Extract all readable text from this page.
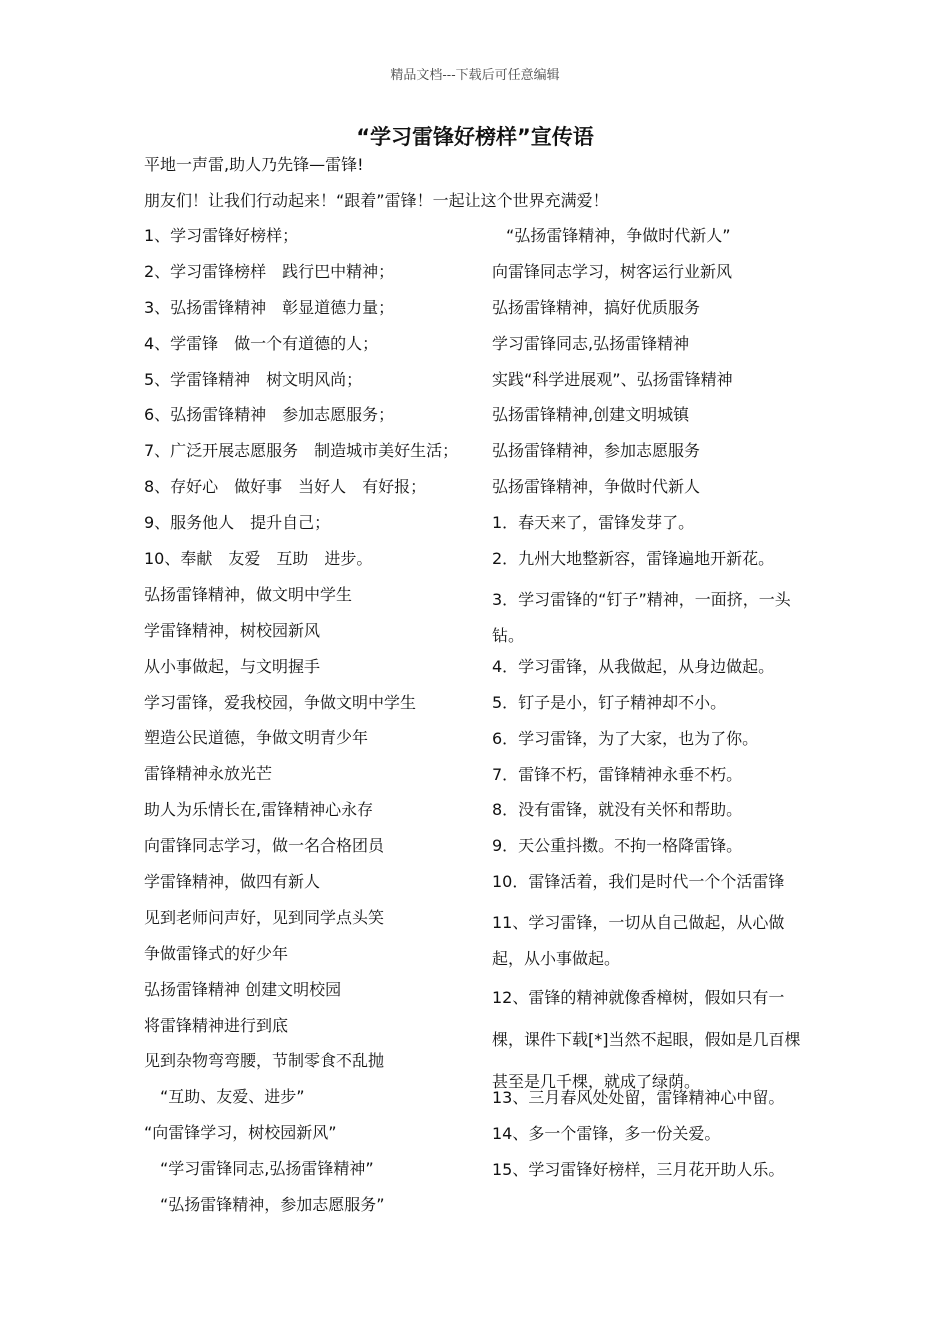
精品文档---下载后可任意编辑
“学习雷锋好榜样”宣传语
平地一声雷,助人乃先锋—雷锋!
朋友们！让我们行动起来！“跟着”雷锋！一起让这个世界充满爱！
1、学习雷锋好榜样；
2、学习雷锋榜样　践行巴中精神；
3、弘扬雷锋精神　彰显道德力量；
4、学雷锋　做一个有道德的人；
5、学雷锋精神　树文明风尚；
6、弘扬雷锋精神　参加志愿服务；
7、广泛开展志愿服务　制造城市美好生活；
8、存好心　做好事　当好人　有好报；
9、服务他人　提升自己；
10、奉献　友爱　互助　进步。
弘扬雷锋精神，做文明中学生
学雷锋精神，树校园新风
从小事做起，与文明握手
学习雷锋，爱我校园，争做文明中学生
塑造公民道德，争做文明青少年
雷锋精神永放光芒
助人为乐情长在,雷锋精神心永存
向雷锋同志学习，做一名合格团员
学雷锋精神，做四有新人
见到老师问声好，见到同学点头笑
争做雷锋式的好少年
弘扬雷锋精神 创建文明校园
将雷锋精神进行到底
见到杂物弯弯腰，节制零食不乱抛
　“互助、友爱、进步”
“向雷锋学习，树校园新风”
　“学习雷锋同志,弘扬雷锋精神”
　“弘扬雷锋精神，参加志愿服务”
“弘扬雷锋精神，争做时代新人”
向雷锋同志学习，树客运行业新风
弘扬雷锋精神，搞好优质服务
学习雷锋同志,弘扬雷锋精神
实践“科学进展观”、弘扬雷锋精神
弘扬雷锋精神,创建文明城镇
弘扬雷锋精神，参加志愿服务
弘扬雷锋精神，争做时代新人
1．春天来了，雷锋发芽了。
2．九州大地整新容，雷锋遍地开新花。
3．学习雷锋的“钉子”精神，一面挤，一头钻。
4．学习雷锋，从我做起，从身边做起。
5．钉子是小，钉子精神却不小。
6．学习雷锋，为了大家，也为了你。
7．雷锋不朽，雷锋精神永垂不朽。
8．没有雷锋，就没有关怀和帮助。
9．天公重抖擞。不拘一格降雷锋。
10．雷锋活着，我们是时代一个个活雷锋
11、学习雷锋，一切从自己做起，从心做起，从小事做起。
12、雷锋的精神就像香樟树，假如只有一棵，课件下载[*]当然不起眼，假如是几百棵甚至是几千棵，就成了绿荫。
13、三月春风处处留，雷锋精神心中留。
14、多一个雷锋，多一份关爱。
15、学习雷锋好榜样，三月花开助人乐。
